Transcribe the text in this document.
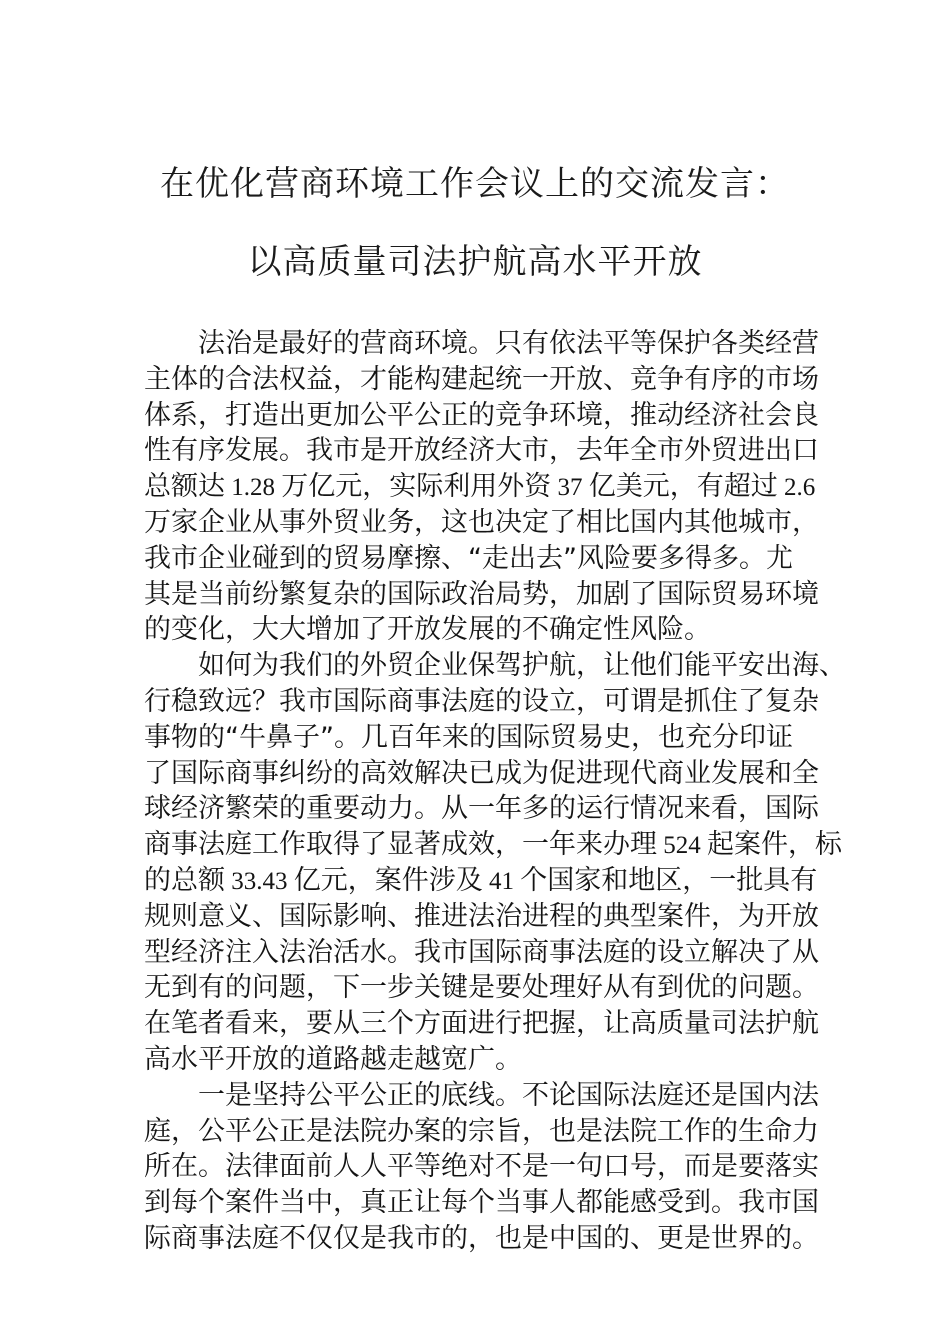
在优化营商环境工作会议上的交流发言：
以高质量司法护航高水平开放
法治是最好的营商环境。只有依法平等保护各类经营
主体的合法权益，才能构建起统一开放、竞争有序的市场
体系，打造出更加公平公正的竞争环境，推动经济社会良
性有序发展。我市是开放经济大市，去年全市外贸进出口
总额达 1.28 万亿元，实际利用外资 37 亿美元，有超过 2.6
万家企业从事外贸业务，这也决定了相比国内其他城市，
我市企业碰到的贸易摩擦、“走出去”风险要多得多。尤
其是当前纷繁复杂的国际政治局势，加剧了国际贸易环境
的变化，大大增加了开放发展的不确定性风险。
如何为我们的外贸企业保驾护航，让他们能平安出海、
行稳致远？我市国际商事法庭的设立，可谓是抓住了复杂
事物的“牛鼻子”。几百年来的国际贸易史，也充分印证
了国际商事纠纷的高效解决已成为促进现代商业发展和全
球经济繁荣的重要动力。从一年多的运行情况来看，国际
商事法庭工作取得了显著成效，一年来办理 524 起案件，标
的总额 33.43 亿元，案件涉及 41 个国家和地区，一批具有
规则意义、国际影响、推进法治进程的典型案件，为开放
型经济注入法治活水。我市国际商事法庭的设立解决了从
无到有的问题，下一步关键是要处理好从有到优的问题。
在笔者看来，要从三个方面进行把握，让高质量司法护航
高水平开放的道路越走越宽广。
一是坚持公平公正的底线。不论国际法庭还是国内法
庭，公平公正是法院办案的宗旨，也是法院工作的生命力
所在。法律面前人人平等绝对不是一句口号，而是要落实
到每个案件当中，真正让每个当事人都能感受到。我市国
际商事法庭不仅仅是我市的，也是中国的、更是世界的。
